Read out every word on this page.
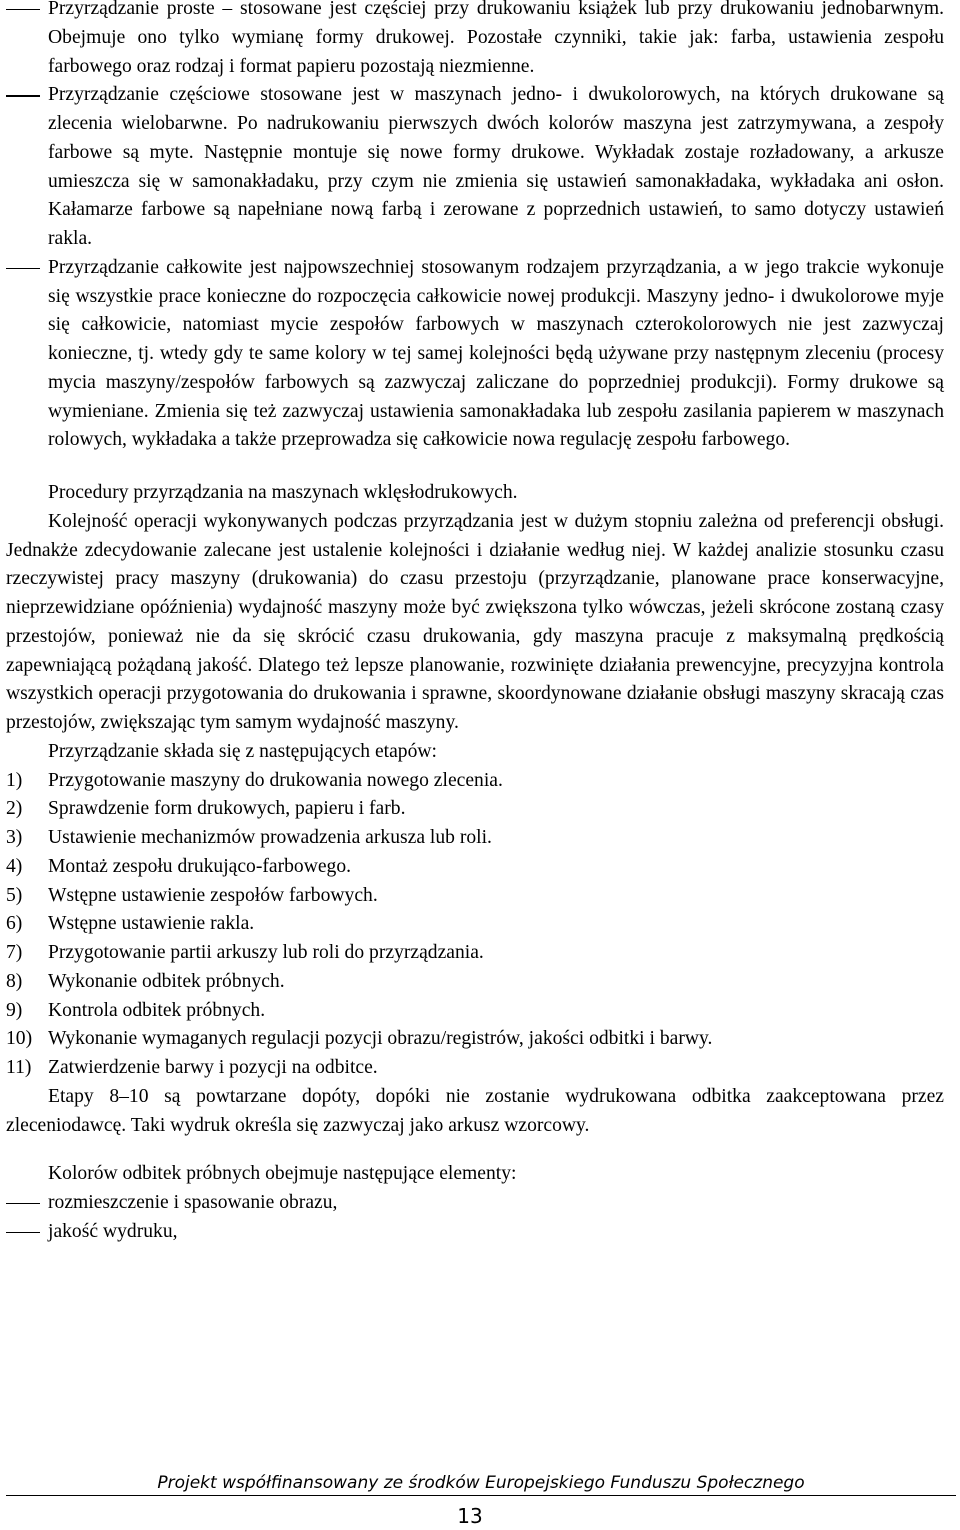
Przyrządzanie proste – stosowane jest częściej przy drukowaniu książek lub przy drukowaniu jednobarwnym. Obejmuje ono tylko wymianę formy drukowej. Pozostałe czynniki, takie jak: farba, ustawienia zespołu farbowego oraz rodzaj i format papieru pozostają niezmienne.
Przyrządzanie częściowe stosowane jest w maszynach jedno- i dwukolorowych, na których drukowane są zlecenia wielobarwne. Po nadrukowaniu pierwszych dwóch kolorów maszyna jest zatrzymywana, a zespoły farbowe są myte. Następnie montuje się nowe formy drukowe. Wykładak zostaje rozładowany, a arkusze umieszcza się w samonakładaku, przy czym nie zmienia się ustawień samonakładaka, wykładaka ani osłon. Kałamarze farbowe są napełniane nową farbą i zerowane z poprzednich ustawień, to samo dotyczy ustawień rakla.
Przyrządzanie całkowite jest najpowszechniej stosowanym rodzajem przyrządzania, a w jego trakcie wykonuje się wszystkie prace konieczne do rozpoczęcia całkowicie nowej produkcji. Maszyny jedno- i dwukolorowe myje się całkowicie, natomiast mycie zespołów farbowych w maszynach czterokolorowych nie jest zazwyczaj konieczne, tj. wtedy gdy te same kolory w tej samej kolejności będą używane przy następnym zleceniu (procesy mycia maszyny/zespołów farbowych są zazwyczaj zaliczane do poprzedniej produkcji). Formy drukowe są wymieniane. Zmienia się też zazwyczaj ustawienia samonakładaka lub zespołu zasilania papierem w maszynach rolowych, wykładaka a także przeprowadza się całkowicie nowa regulację zespołu farbowego.
Procedury przyrządzania na maszynach wklęsłodrukowych.
Kolejność operacji wykonywanych podczas przyrządzania jest w dużym stopniu zależna od preferencji obsługi. Jednakże zdecydowanie zalecane jest ustalenie kolejności i działanie według niej. W każdej analizie stosunku czasu rzeczywistej pracy maszyny (drukowania) do czasu przestoju (przyrządzanie, planowane prace konserwacyjne, nieprzewidziane opóźnienia) wydajność maszyny może być zwiększona tylko wówczas, jeżeli skrócone zostaną czasy przestojów, ponieważ nie da się skrócić czasu drukowania, gdy maszyna pracuje z maksymalną prędkością zapewniającą pożądaną jakość. Dlatego też lepsze planowanie, rozwinięte działania prewencyjne, precyzyjna kontrola wszystkich operacji przygotowania do drukowania i sprawne, skoordynowane działanie obsługi maszyny skracają czas przestojów, zwiększając tym samym wydajność maszyny.
Przyrządzanie składa się z następujących etapów:
1) Przygotowanie maszyny do drukowania nowego zlecenia.
2) Sprawdzenie form drukowych, papieru i farb.
3) Ustawienie mechanizmów prowadzenia arkusza lub roli.
4) Montaż zespołu drukująco-farbowego.
5) Wstępne ustawienie zespołów farbowych.
6) Wstępne ustawienie rakla.
7) Przygotowanie partii arkuszy lub roli do przyrządzania.
8) Wykonanie odbitek próbnych.
9) Kontrola odbitek próbnych.
10) Wykonanie wymaganych regulacji pozycji obrazu/registrów, jakości odbitki i barwy.
11) Zatwierdzenie barwy i pozycji na odbitce.
Etapy 8–10 są powtarzane dopóty, dopóki nie zostanie wydrukowana odbitka zaakceptowana przez zleceniodawcę. Taki wydruk określa się zazwyczaj jako arkusz wzorcowy.
Kolorów odbitek próbnych obejmuje następujące elementy:
rozmieszczenie i spasowanie obrazu,
jakość wydruku,
Projekt współfinansowany ze środków Europejskiego Funduszu Społecznego
13
